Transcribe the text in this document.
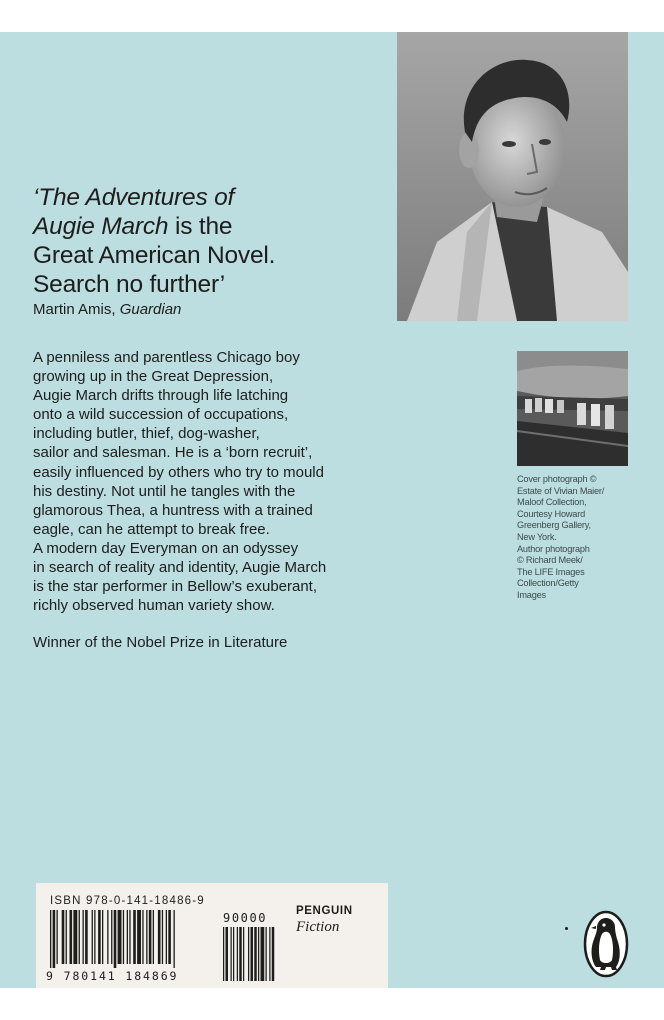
‘The Adventures of
Augie March is the
Great American Novel.
Search no further’
Martin Amis, Guardian
A penniless and parentless Chicago boy
growing up in the Great Depression,
Augie March drifts through life latching
onto a wild succession of occupations,
including butler, thief, dog-washer,
sailor and salesman. He is a ‘born recruit’,
easily influenced by others who try to mould
his destiny. Not until he tangles with the
glamorous Thea, a huntress with a trained
eagle, can he attempt to break free.
A modern day Everyman on an odyssey
in search of reality and identity, Augie March
is the star performer in Bellow’s exuberant,
richly observed human variety show.
Winner of the Nobel Prize in Literature
Cover photograph ©
Estate of Vivian Maier/
Maloof Collection,
Courtesy Howard
Greenberg Gallery,
New York.
Author photograph
© Richard Meek/
The LIFE Images
Collection/Getty
Images
ISBN 978-0-141-18486-9
9 780141 184869
90000	PENGUIN
Fiction
